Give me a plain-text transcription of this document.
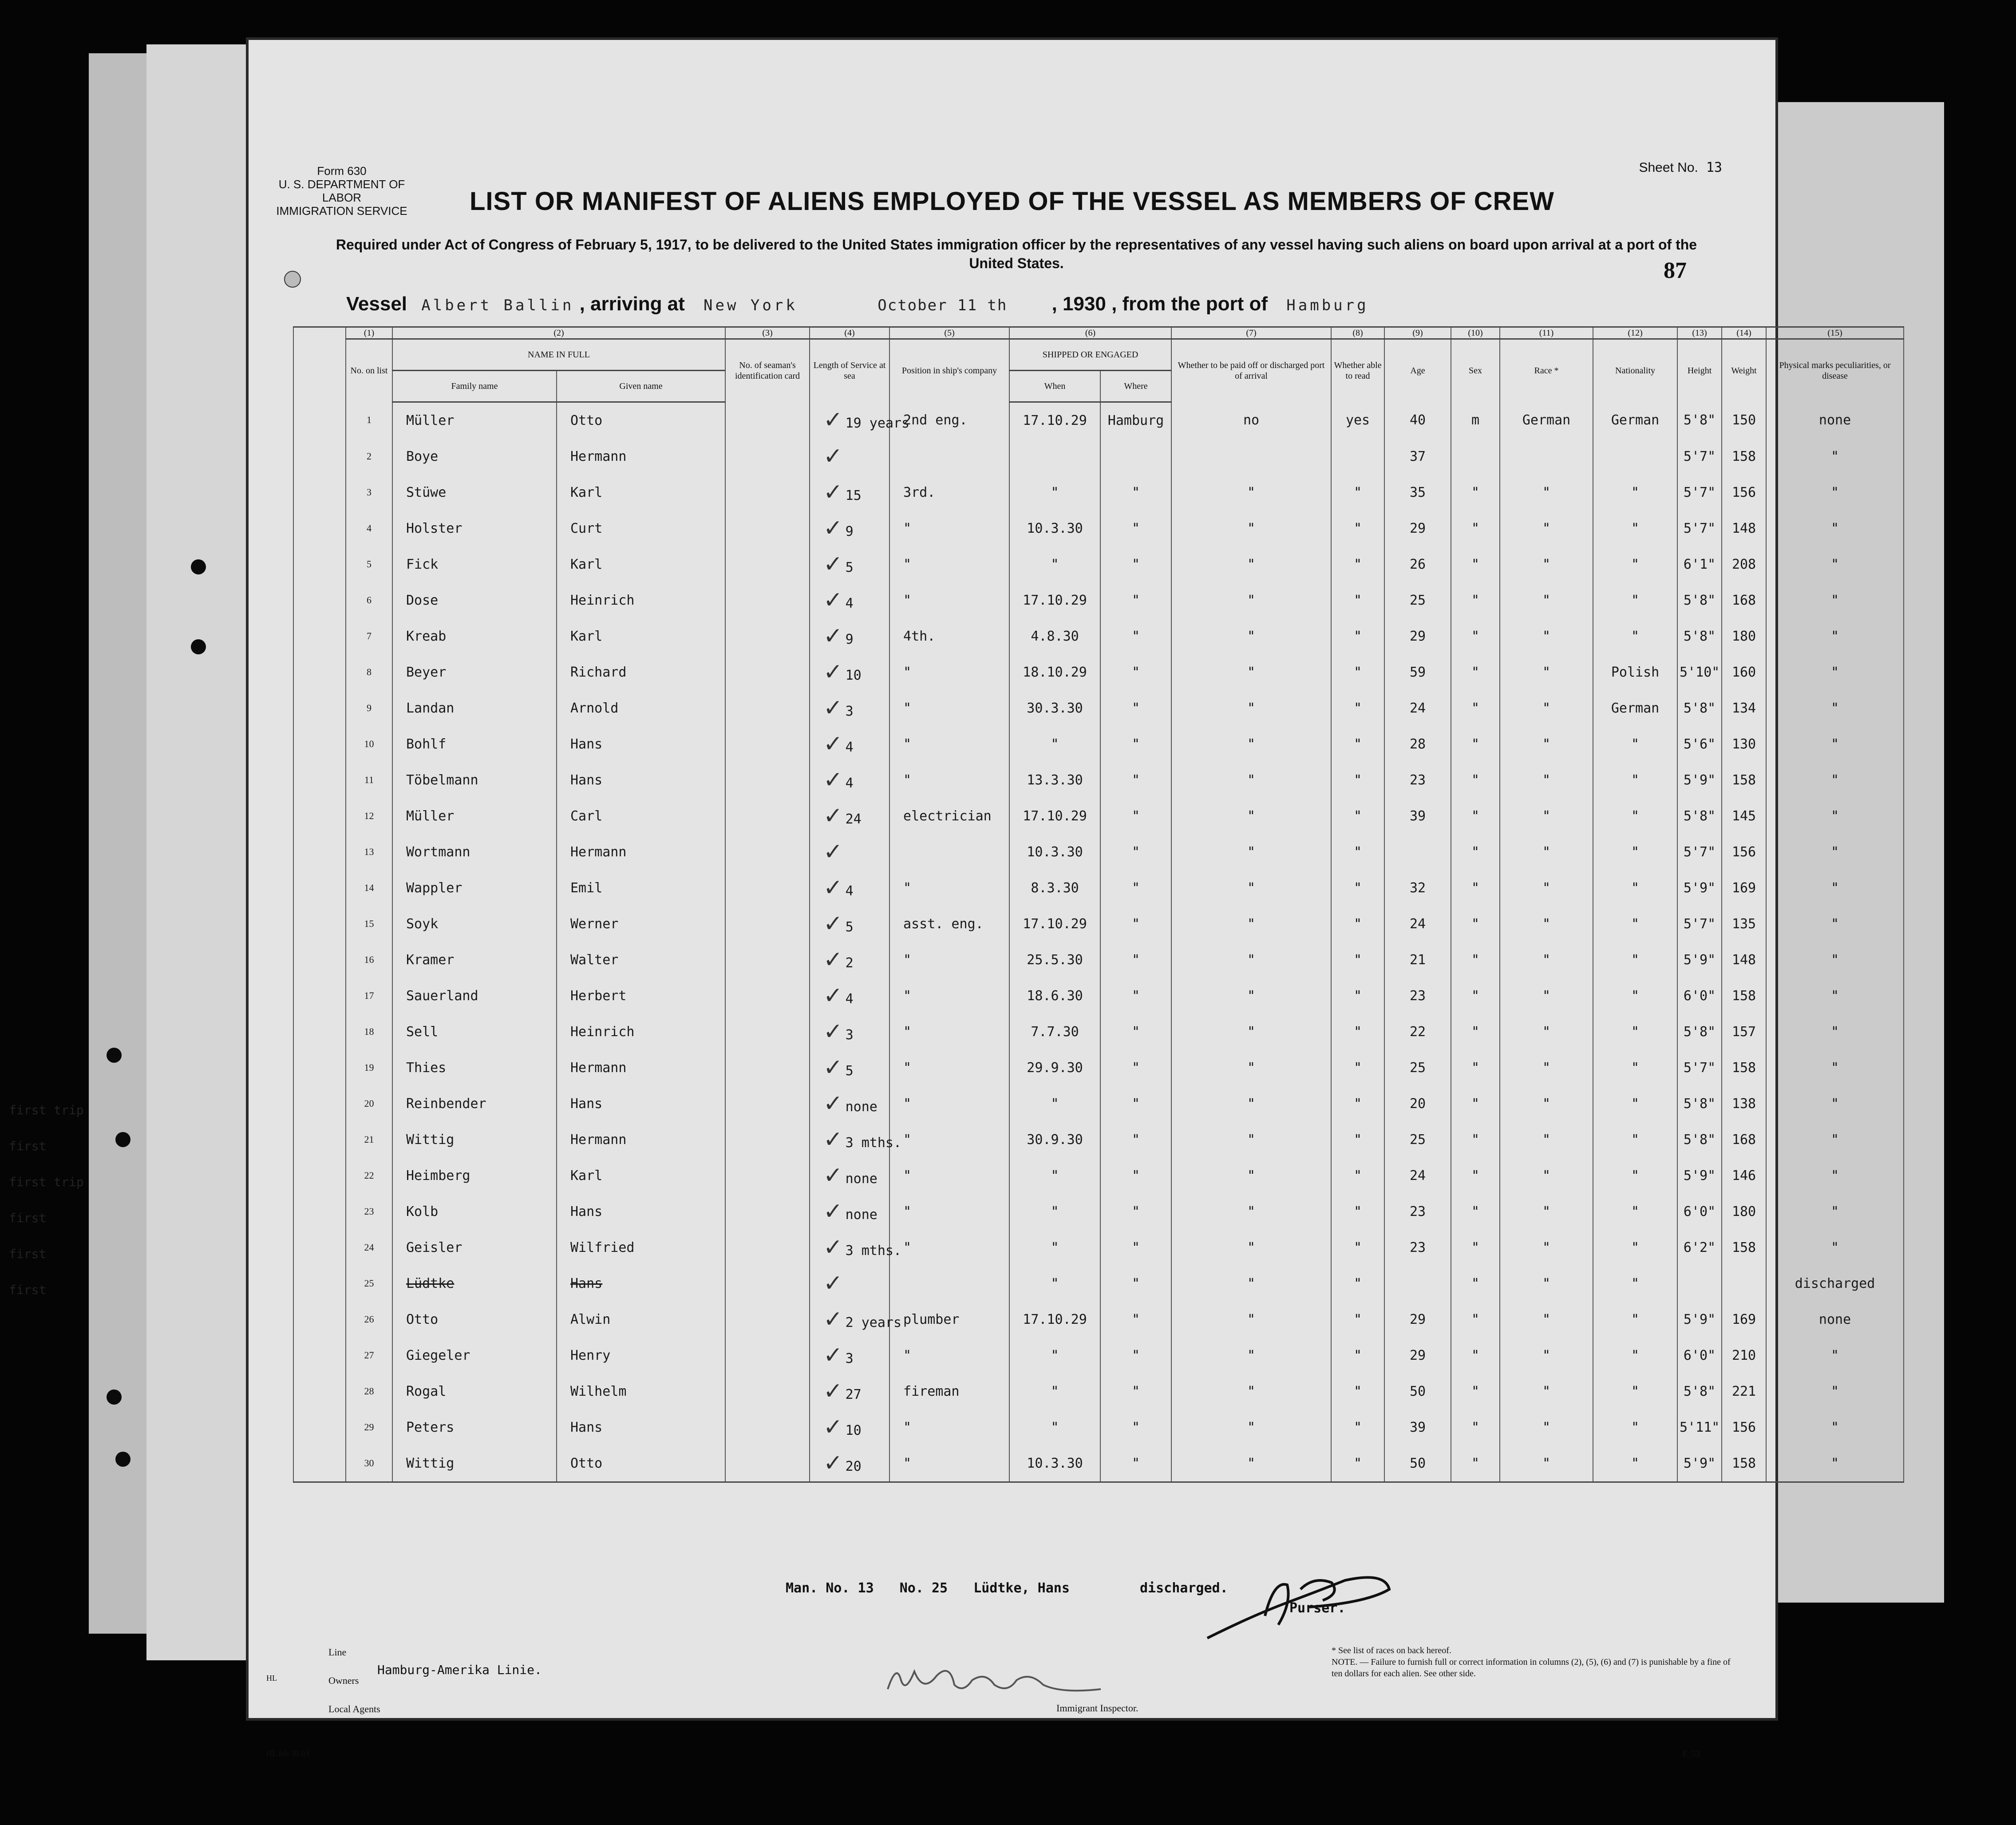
Form 630
U. S. DEPARTMENT OF LABOR
IMMIGRATION SERVICE
Sheet No. 13
LIST OR MANIFEST OF ALIENS EMPLOYED OF THE VESSEL AS MEMBERS OF CREW
Required under Act of Congress of February 5, 1917, to be delivered to the United States immigration officer by the representatives of any vessel having such aliens on board upon arrival at a port of the United States.	87
Vessel Albert Ballin , arriving at New York	October 11 th , 1930 , from the port of Hamburg
	(1)	(2)		(3)	(4)	(5)	(6)		(7)	(8)	(9)	(10)	(11)	(12)	(13)	(14)	(15)
	No. on list	NAME IN FULL		No. of seaman's identification card	Length of Service at sea	Position in ship's company	SHIPPED OR ENGAGED		Whether to be paid off or discharged port of arrival	Whether able to read	Age	Sex	Race *	Nationality	Height	Weight	Physical marks peculiarities, or disease
		Family name	Given name				When	Where									
	1	Müller	Otto		✓ 19 years	2nd eng.	17.10.29	Hamburg	no	yes	40	m	German	German	5'8"	150	none
	2	Boye	Hermann		✓						37				5'7"	158	"
	3	Stüwe	Karl		✓ 15	3rd.	"	"	"	"	35	"	"	"	5'7"	156	"
	4	Holster	Curt		✓ 9	"	10.3.30	"	"	"	29	"	"	"	5'7"	148	"
	5	Fick	Karl		✓ 5	"	"	"	"	"	26	"	"	"	6'1"	208	"
	6	Dose	Heinrich		✓ 4	"	17.10.29	"	"	"	25	"	"	"	5'8"	168	"
	7	Kreab	Karl		✓ 9	4th.	4.8.30	"	"	"	29	"	"	"	5'8"	180	"
	8	Beyer	Richard		✓ 10	"	18.10.29	"	"	"	59	"	"	Polish	5'10"	160	"
	9	Landan	Arnold		✓ 3	"	30.3.30	"	"	"	24	"	"	German	5'8"	134	"
	10	Bohlf	Hans		✓ 4	"	"	"	"	"	28	"	"	"	5'6"	130	"
	11	Töbelmann	Hans		✓ 4	"	13.3.30	"	"	"	23	"	"	"	5'9"	158	"
	12	Müller	Carl		✓ 24	electrician	17.10.29	"	"	"	39	"	"	"	5'8"	145	"
	13	Wortmann	Hermann		✓		10.3.30	"	"	"		"	"	"	5'7"	156	"
	14	Wappler	Emil		✓ 4	"	8.3.30	"	"	"	32	"	"	"	5'9"	169	"
	15	Soyk	Werner		✓ 5	asst. eng.	17.10.29	"	"	"	24	"	"	"	5'7"	135	"
	16	Kramer	Walter		✓ 2	"	25.5.30	"	"	"	21	"	"	"	5'9"	148	"
	17	Sauerland	Herbert		✓ 4	"	18.6.30	"	"	"	23	"	"	"	6'0"	158	"
	18	Sell	Heinrich		✓ 3	"	7.7.30	"	"	"	22	"	"	"	5'8"	157	"
	19	Thies	Hermann		✓ 5	"	29.9.30	"	"	"	25	"	"	"	5'7"	158	"
	20	Reinbender	Hans		✓ none	"	"	"	"	"	20	"	"	"	5'8"	138	"
	21	Wittig	Hermann		✓ 3 mths.	"	30.9.30	"	"	"	25	"	"	"	5'8"	168	"
	22	Heimberg	Karl		✓ none	"	"	"	"	"	24	"	"	"	5'9"	146	"
	23	Kolb	Hans		✓ none	"	"	"	"	"	23	"	"	"	6'0"	180	"
	24	Geisler	Wilfried		✓ 3 mths.	"	"	"	"	"	23	"	"	"	6'2"	158	"
	25	Lüdtke	Hans		✓		"	"	"	"		"	"	"			discharged
	26	Otto	Alwin		✓ 2 years	plumber	17.10.29	"	"	"	29	"	"	"	5'9"	169	none
	27	Giegeler	Henry		✓ 3	"	"	"	"	"	29	"	"	"	6'0"	210	"
	28	Rogal	Wilhelm		✓ 27	fireman	"	"	"	"	50	"	"	"	5'8"	221	"
	29	Peters	Hans		✓ 10	"	"	"	"	"	39	"	"	"	5'11"	156	"
	30	Wittig	Otto		✓ 20	"	10.3.30	"	"	"	50	"	"	"	5'9"	158	"
Man. No. 13 No. 25 Lüdtke, Hans	discharged.
Purser.
Line
Owners
Local Agents
Hamburg-Amerika Linie.
Immigrant Inspector.
* See list of races on back hereof.
NOTE. — Failure to furnish full or correct information in columns (2), (5), (6) and (7) is punishable by a fine of ten dollars for each alien. See other side.
HL
HL feb 30 Icl	F. 53
first trip
first
first trip
first
first
first
